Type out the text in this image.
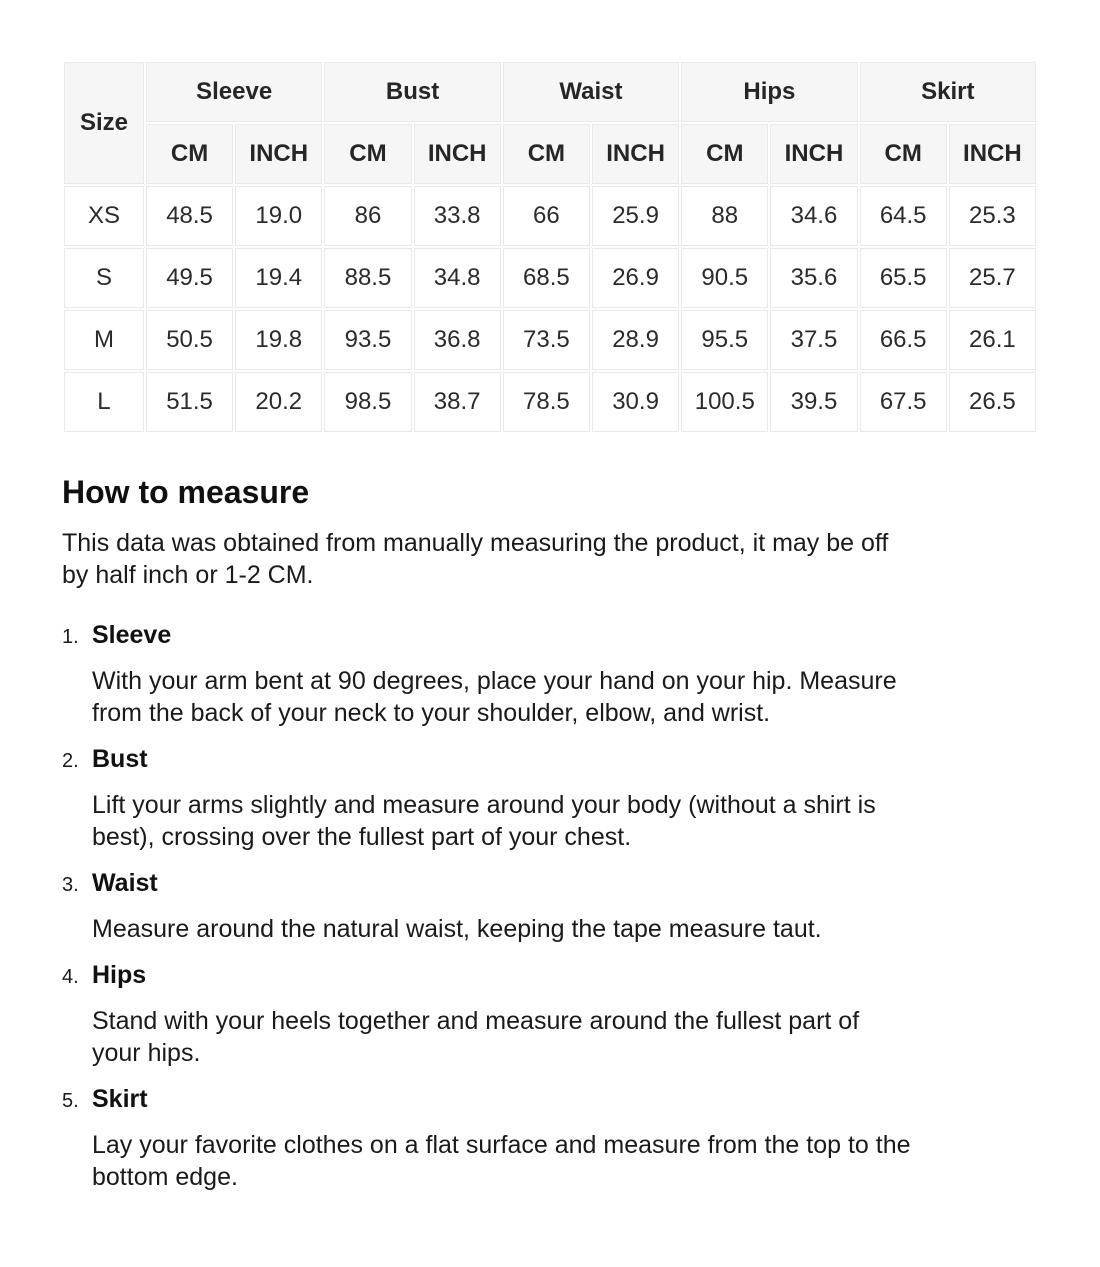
Size	Sleeve		Bust		Waist		Hips		Skirt	
	CM	INCH	CM	INCH	CM	INCH	CM	INCH	CM	INCH
XS	48.5	19.0	86	33.8	66	25.9	88	34.6	64.5	25.3
S	49.5	19.4	88.5	34.8	68.5	26.9	90.5	35.6	65.5	25.7
M	50.5	19.8	93.5	36.8	73.5	28.9	95.5	37.5	66.5	26.1
L	51.5	20.2	98.5	38.7	78.5	30.9	100.5	39.5	67.5	26.5
How to measure

This data was obtained from manually measuring the product, it may be off
by half inch or 1-2 CM.

1. Sleeve
With your arm bent at 90 degrees, place your hand on your hip. Measure
from the back of your neck to your shoulder, elbow, and wrist.
2. Bust
Lift your arms slightly and measure around your body (without a shirt is
best), crossing over the fullest part of your chest.
3. Waist
Measure around the natural waist, keeping the tape measure taut.
4. Hips
Stand with your heels together and measure around the fullest part of
your hips.
5. Skirt
Lay your favorite clothes on a flat surface and measure from the top to the
bottom edge.
